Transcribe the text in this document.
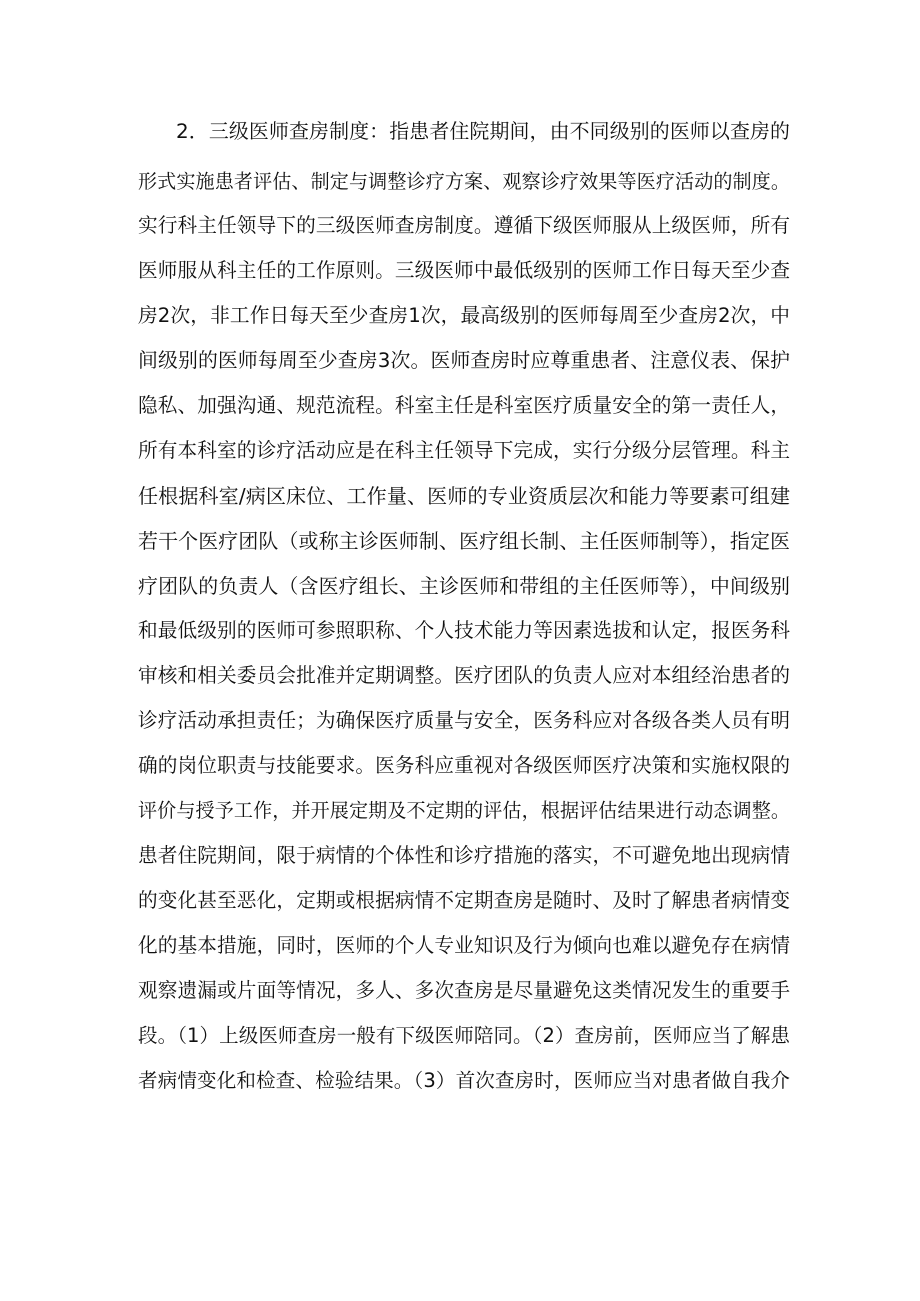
2．三级医师查房制度：指患者住院期间，由不同级别的医师以查房的
形式实施患者评估、制定与调整诊疗方案、观察诊疗效果等医疗活动的制度。
实行科主任领导下的三级医师查房制度。遵循下级医师服从上级医师，所有
医师服从科主任的工作原则。三级医师中最低级别的医师工作日每天至少查
房2次，非工作日每天至少查房1次，最高级别的医师每周至少查房2次，中
间级别的医师每周至少查房3次。医师查房时应尊重患者、注意仪表、保护
隐私、加强沟通、规范流程。科室主任是科室医疗质量安全的第一责任人，
所有本科室的诊疗活动应是在科主任领导下完成，实行分级分层管理。科主
任根据科室/病区床位、工作量、医师的专业资质层次和能力等要素可组建
若干个医疗团队（或称主诊医师制、医疗组长制、主任医师制等），指定医
疗团队的负责人（含医疗组长、主诊医师和带组的主任医师等），中间级别
和最低级别的医师可参照职称、个人技术能力等因素选拔和认定，报医务科
审核和相关委员会批准并定期调整。医疗团队的负责人应对本组经治患者的
诊疗活动承担责任；为确保医疗质量与安全，医务科应对各级各类人员有明
确的岗位职责与技能要求。医务科应重视对各级医师医疗决策和实施权限的
评价与授予工作，并开展定期及不定期的评估，根据评估结果进行动态调整。
患者住院期间，限于病情的个体性和诊疗措施的落实，不可避免地出现病情
的变化甚至恶化，定期或根据病情不定期查房是随时、及时了解患者病情变
化的基本措施，同时，医师的个人专业知识及行为倾向也难以避免存在病情
观察遗漏或片面等情况，多人、多次查房是尽量避免这类情况发生的重要手
段。（1）上级医师查房一般有下级医师陪同。（2）查房前，医师应当了解患
者病情变化和检查、检验结果。（3）首次查房时，医师应当对患者做自我介
